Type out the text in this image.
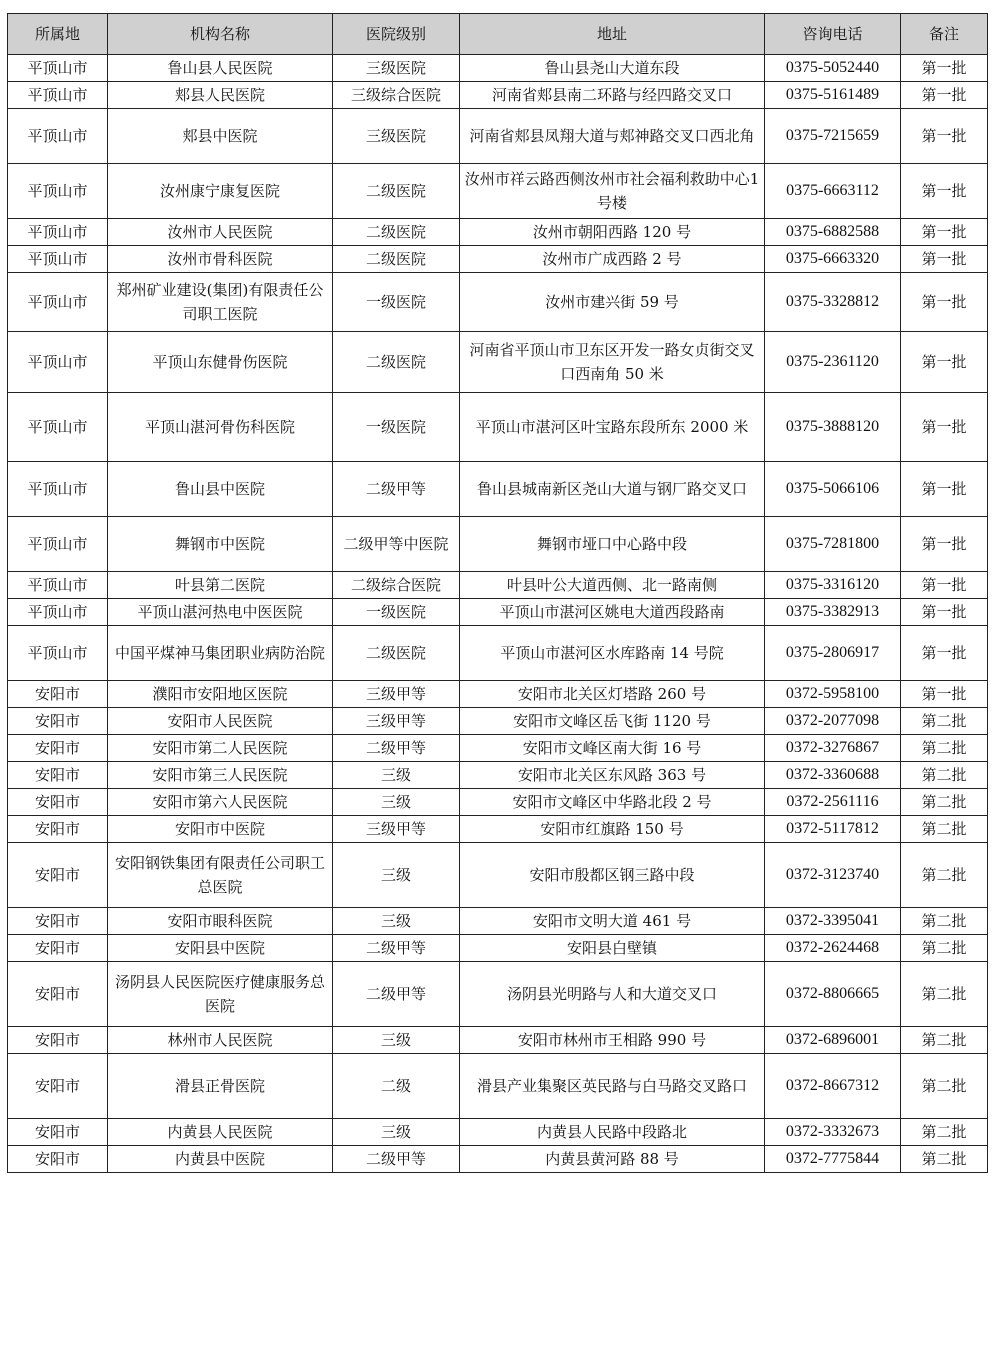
所属地	机构名称	医院级别	地址	咨询电话	备注
平顶山市	鲁山县人民医院	三级医院	鲁山县尧山大道东段	0375-5052440	第一批
平顶山市	郏县人民医院	三级综合医院	河南省郏县南二环路与经四路交叉口	0375-5161489	第一批
平顶山市	郏县中医院	三级医院	河南省郏县凤翔大道与郏神路交叉口西北角	0375-7215659	第一批
平顶山市	汝州康宁康复医院	二级医院	汝州市祥云路西侧汝州市社会福利救助中心1号楼	0375-6663112	第一批
平顶山市	汝州市人民医院	二级医院	汝州市朝阳西路 120 号	0375-6882588	第一批
平顶山市	汝州市骨科医院	二级医院	汝州市广成西路 2 号	0375-6663320	第一批
平顶山市	郑州矿业建设(集团)有限责任公司职工医院	一级医院	汝州市建兴街 59 号	0375-3328812	第一批
平顶山市	平顶山东健骨伤医院	二级医院	河南省平顶山市卫东区开发一路女贞街交叉口西南角 50 米	0375-2361120	第一批
平顶山市	平顶山湛河骨伤科医院	一级医院	平顶山市湛河区叶宝路东段所东 2000 米	0375-3888120	第一批
平顶山市	鲁山县中医院	二级甲等	鲁山县城南新区尧山大道与钢厂路交叉口	0375-5066106	第一批
平顶山市	舞钢市中医院	二级甲等中医院	舞钢市垭口中心路中段	0375-7281800	第一批
平顶山市	叶县第二医院	二级综合医院	叶县叶公大道西侧、北一路南侧	0375-3316120	第一批
平顶山市	平顶山湛河热电中医医院	一级医院	平顶山市湛河区姚电大道西段路南	0375-3382913	第一批
平顶山市	中国平煤神马集团职业病防治院	二级医院	平顶山市湛河区水库路南 14 号院	0375-2806917	第一批
安阳市	濮阳市安阳地区医院	三级甲等	安阳市北关区灯塔路 260 号	0372-5958100	第一批
安阳市	安阳市人民医院	三级甲等	安阳市文峰区岳飞街 1120 号	0372-2077098	第二批
安阳市	安阳市第二人民医院	二级甲等	安阳市文峰区南大街 16 号	0372-3276867	第二批
安阳市	安阳市第三人民医院	三级	安阳市北关区东风路 363 号	0372-3360688	第二批
安阳市	安阳市第六人民医院	三级	安阳市文峰区中华路北段 2 号	0372-2561116	第二批
安阳市	安阳市中医院	三级甲等	安阳市红旗路 150 号	0372-5117812	第二批
安阳市	安阳钢铁集团有限责任公司职工总医院	三级	安阳市殷都区钢三路中段	0372-3123740	第二批
安阳市	安阳市眼科医院	三级	安阳市文明大道 461 号	0372-3395041	第二批
安阳市	安阳县中医院	二级甲等	安阳县白壁镇	0372-2624468	第二批
安阳市	汤阴县人民医院医疗健康服务总医院	二级甲等	汤阴县光明路与人和大道交叉口	0372-8806665	第二批
安阳市	林州市人民医院	三级	安阳市林州市王相路 990 号	0372-6896001	第二批
安阳市	滑县正骨医院	二级	滑县产业集聚区英民路与白马路交叉路口	0372-8667312	第二批
安阳市	内黄县人民医院	三级	内黄县人民路中段路北	0372-3332673	第二批
安阳市	内黄县中医院	二级甲等	内黄县黄河路 88 号	0372-7775844	第二批
